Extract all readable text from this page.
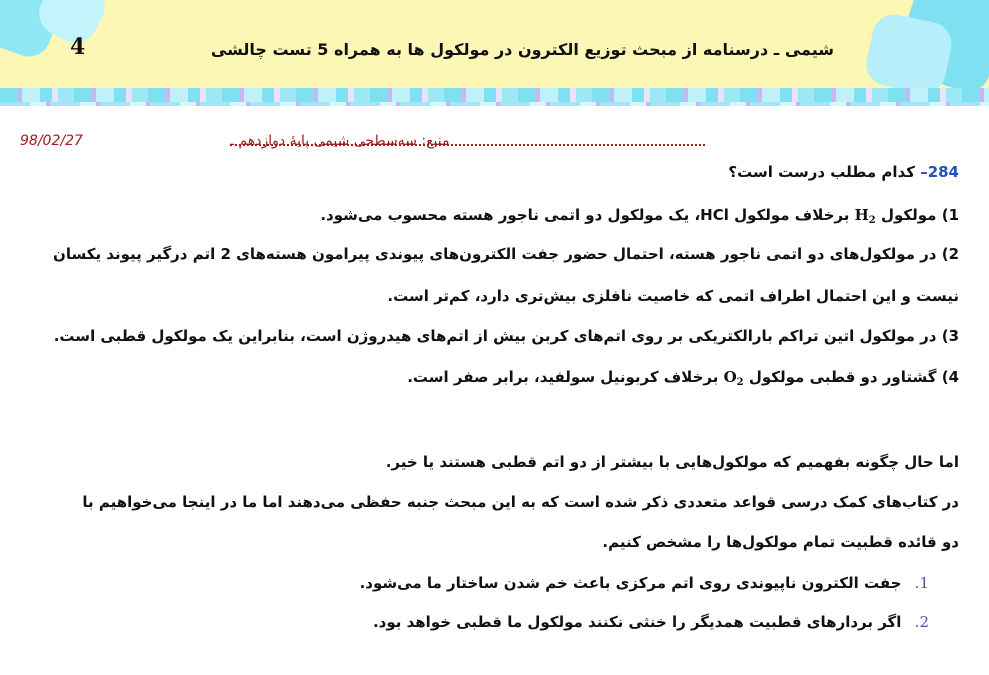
4	شیمی ـ درسنامه از مبحث توزیع الکترون در مولکول ها به همراه 5 تست چالشی
98/02/27	منبع: سه‌سطحی شیمی پایۀ دوازدهم ـ
284– کدام مطلب درست است؟
1) مولکول $H_2$ برخلاف مولکول HCl، یک مولکول دو اتمی ناجور هسته محسوب می‌شود.
2) در مولکول‌های دو اتمی ناجور هسته، احتمال حضور جفت الکترون‌های پیوندی پیرامون هسته‌های 2 اتم درگیر پیوند یکسان
نیست و این احتمال اطراف اتمی که خاصیت نافلزی بیش‌تری دارد، کم‌تر است.
3) در مولکول اتین تراکم بارالکتریکی بر روی اتم‌های کربن بیش از اتم‌های هیدروژن است، بنابراین یک مولکول قطبی است.
4) گشتاور دو قطبی مولکول $O_2$ برخلاف کربونیل سولفید، برابر صفر است.
اما حال چگونه بفهمیم که مولکول‌هایی با بیشتر از دو اتم قطبی هستند یا خیر.
در کتاب‌های کمک درسی قواعد متعددی ذکر شده است که به این مبحث جنبه حفظی می‌دهند اما ما در اینجا می‌خواهیم با
دو قائده قطبیت تمام مولکول‌ها را مشخص کنیم.
1. جفت الکترون ناپیوندی روی اتم مرکزی باعث خم شدن ساختار ما می‌شود.
2. اگر بردارهای قطبیت همدیگر را خنثی نکنند مولکول ما قطبی خواهد بود.
